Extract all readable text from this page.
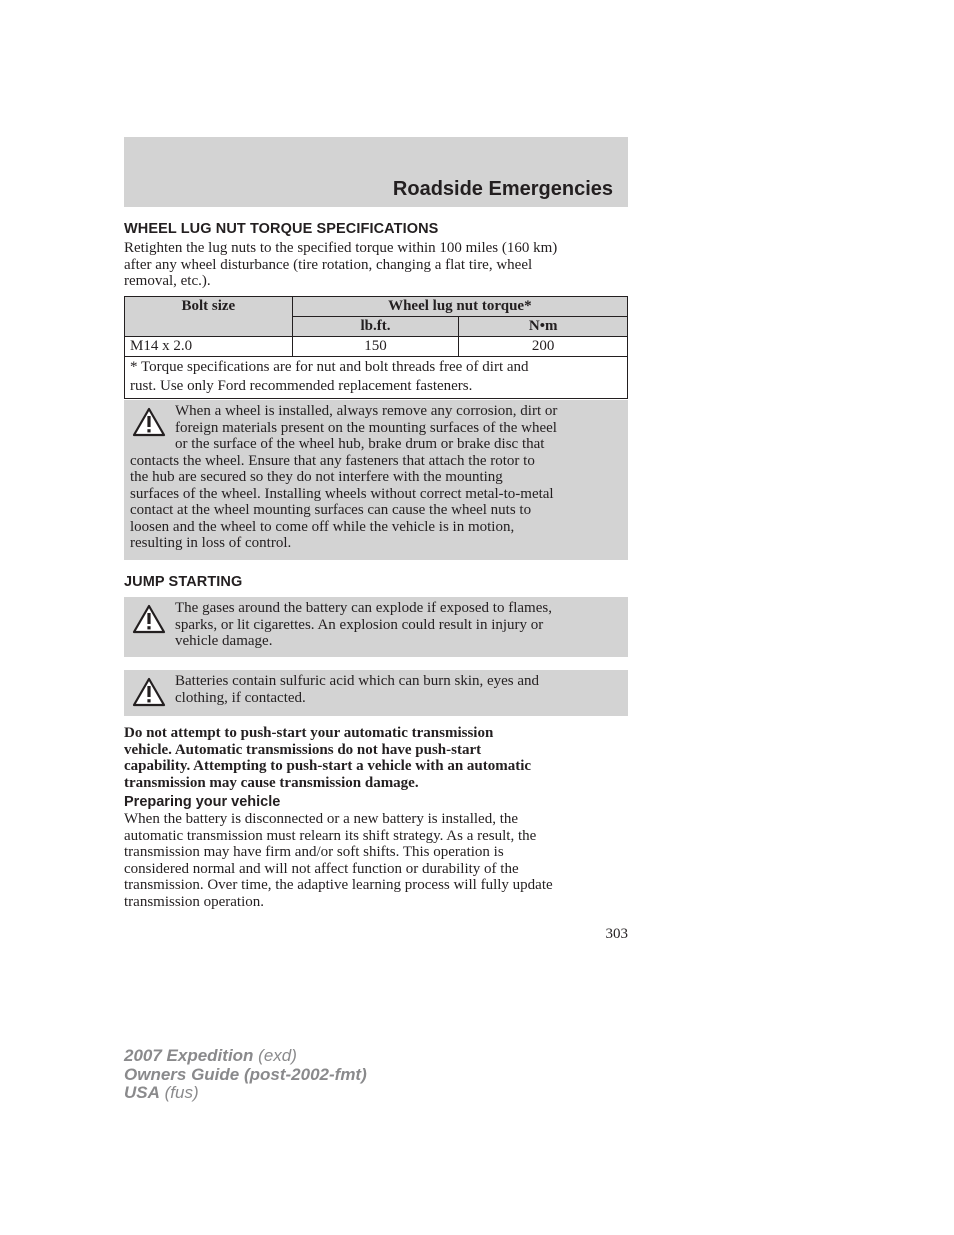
Roadside Emergencies
WHEEL LUG NUT TORQUE SPECIFICATIONS
Retighten the lug nuts to the specified torque within 100 miles (160 km)
after any wheel disturbance (tire rotation, changing a flat tire, wheel
removal, etc.).
Bolt size	Wheel lug nut torque*	
	lb.ft.	N•m
M14 x 2.0	150	200

* Torque specifications are for nut and bolt threads free of dirt and
rust. Use only Ford recommended replacement fasteners.		
When a wheel is installed, always remove any corrosion, dirt or
foreign materials present on the mounting surfaces of the wheel
or the surface of the wheel hub, brake drum or brake disc that
contacts the wheel. Ensure that any fasteners that attach the rotor to
the hub are secured so they do not interfere with the mounting
surfaces of the wheel. Installing wheels without correct metal-to-metal
contact at the wheel mounting surfaces can cause the wheel nuts to
loosen and the wheel to come off while the vehicle is in motion,
resulting in loss of control.
JUMP STARTING
The gases around the battery can explode if exposed to flames,
sparks, or lit cigarettes. An explosion could result in injury or
vehicle damage.
Batteries contain sulfuric acid which can burn skin, eyes and
clothing, if contacted.
Do not attempt to push-start your automatic transmission
vehicle. Automatic transmissions do not have push-start
capability. Attempting to push-start a vehicle with an automatic
transmission may cause transmission damage.
Preparing your vehicle
When the battery is disconnected or a new battery is installed, the
automatic transmission must relearn its shift strategy. As a result, the
transmission may have firm and/or soft shifts. This operation is
considered normal and will not affect function or durability of the
transmission. Over time, the adaptive learning process will fully update
transmission operation.
303
2007 Expedition (exd)
Owners Guide (post-2002-fmt)
USA (fus)
